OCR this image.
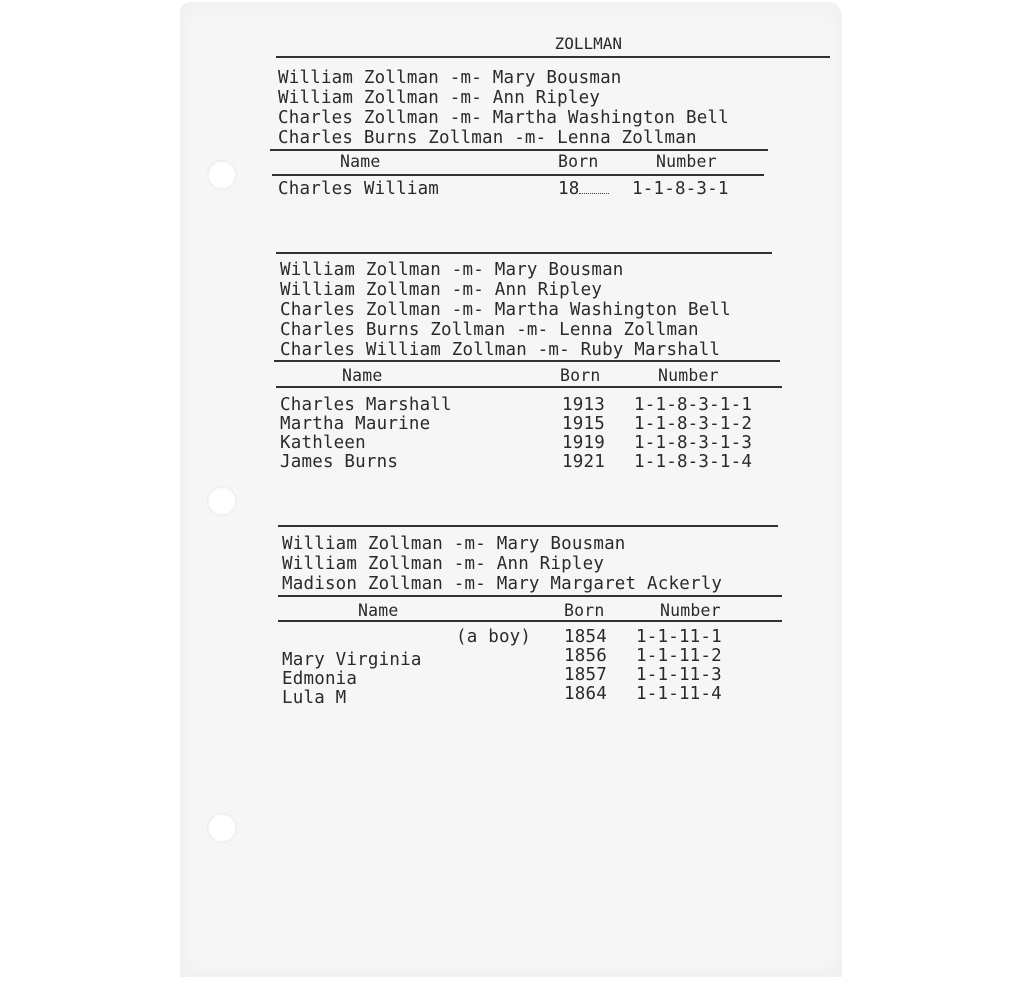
ZOLLMAN
William Zollman -m- Mary Bousman
William Zollman -m- Ann Ripley
Charles Zollman -m- Martha Washington Bell
Charles Burns Zollman -m- Lenna Zollman
Name	Born	Number
Charles William	18	1-1-8-3-1
William Zollman -m- Mary Bousman
William Zollman -m- Ann Ripley
Charles Zollman -m- Martha Washington Bell
Charles Burns Zollman -m- Lenna Zollman
Charles William Zollman -m- Ruby Marshall
Name	Born	Number
Charles Marshall	1913 1-1-8-3-1-1
Martha Maurine	1915 1-1-8-3-1-2
Kathleen	1919 1-1-8-3-1-3
James Burns	1921 1-1-8-3-1-4
William Zollman -m- Mary Bousman
William Zollman -m- Ann Ripley
Madison Zollman -m- Mary Margaret Ackerly
Name	Born	Number
(a boy) 1854 1-1-11-1
Mary Virginia	1856 1-1-11-2
Edmonia	1857 1-1-11-3
Lula M	1864 1-1-11-4
